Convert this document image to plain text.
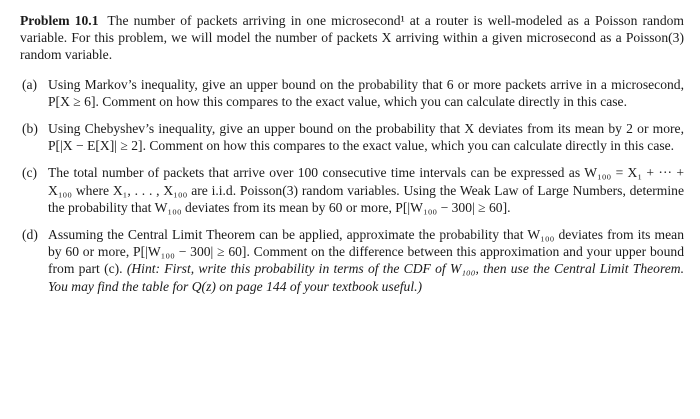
Problem 10.1 The number of packets arriving in one microsecond¹ at a router is well-modeled as a Poisson random variable. For this problem, we will model the number of packets X arriving within a given microsecond as a Poisson(3) random variable.

(a) Using Markov’s inequality, give an upper bound on the probability that 6 or more packets arrive in a microsecond, P[X ≥ 6]. Comment on how this compares to the exact value, which you can calculate directly in this case.

(b) Using Chebyshev’s inequality, give an upper bound on the probability that X deviates from its mean by 2 or more, P[|X − E[X]| ≥ 2]. Comment on how this compares to the exact value, which you can calculate directly in this case.

(c) The total number of packets that arrive over 100 consecutive time intervals can be expressed as W₁₀₀ = X₁ + ··· + X₁₀₀ where X₁, . . . , X₁₀₀ are i.i.d. Poisson(3) random variables. Using the Weak Law of Large Numbers, determine the probability that W₁₀₀ deviates from its mean by 60 or more, P[|W₁₀₀ − 300| ≥ 60].

(d) Assuming the Central Limit Theorem can be applied, approximate the probability that W₁₀₀ deviates from its mean by 60 or more, P[|W₁₀₀ − 300| ≥ 60]. Comment on the difference between this approximation and your upper bound from part (c). (Hint: First, write this probability in terms of the CDF of W₁₀₀, then use the Central Limit Theorem. You may find the table for Q(z) on page 144 of your textbook useful.)
